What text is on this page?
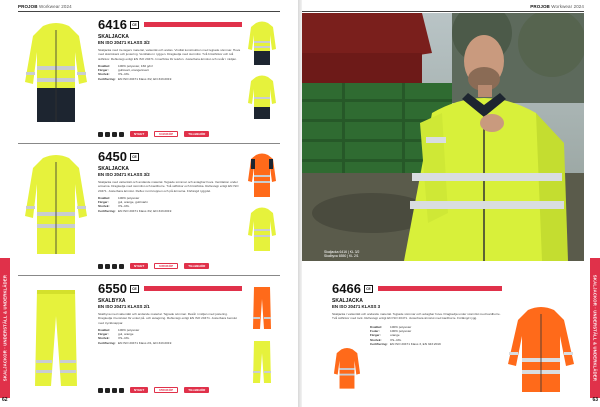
PROJOB Workwear 2024
6416	CE
SKALJACKA
EN ISO 20471 KLASS 3/2
Skaljacka med tre-lagers material, vattentät och andas. Vindtät konstruktion med tejpade sömmar. Huva med skärmkant och justering. Ventilation i ryggen. Dragkedja med stormlist. Två bröstfickor och två sidfickor. Reflextejp enligt EN ISO 20471. Innerficka för telefon. Justerbara ärmslut och resår i midjan.
Kvalitet:	100% polyester, 160 g/m²
Färger:	gul/svart, orange/svart
Storlek:	XS–4XL
Certifiering: EN ISO 20471 Klass 3/2, EN 343:2019
NYHET	6416/KÖP	TILLBEHÖR
6450	CE
SKALJACKA
EN ISO 20471 KLASS 3/2
Skaljacka med vattentätt och andande material. Tejpade sömmar och avtagbar huva. Ventilation under armarna. Dragkedja med stormlist och kardborre. Två sidfickor och bröstficka. Reflextejp enligt EN ISO 20471. Justerbara ärmslut. Reflex runt kroppen och på ärmarna. Förlängd ryggdel.
Kvalitet:	100% polyester
Färger:	gul, orange, gul/marin
Storlek:	XS–4XL
Certifiering: EN ISO 20471 Klass 3/2, EN 343:2019
NYHET	6450/KÖP	TILLBEHÖR
6550	CE
SKALBYXA
EN ISO 20471 KLASS 2/1
Skalbyxa med vattentätt och andande material. Tejpade sömmar. Resår i midjan med justering. Dragkedja i benslutet för enkel på- och avtagning. Reflextejp enligt EN ISO 20471. Justerbara benslut med tryckknappar.
Kvalitet:	100% polyester
Färger:	gul, orange
Storlek:	XS–4XL
Certifiering: EN ISO 20471 Klass 2/1, EN 343:2019
NYHET	6550/KÖP	TILLBEHÖR
SKALJACKOR · UNDERSTÄLL & UNDERKLÄDER
62
PROJOB Workwear 2024
Skaljacka 6416 | KL 3/2
Skalbyxa 6550 | KL 2/1
6466	CE
SKALJACKA
EN ISO 20471 KLASS 3
Skaljacka i vattentätt och andande material. Tejpade sömmar och avtagbar huva. Dragkedja under stormlist med kardborre. Två sidfickor med lock. Reflextejp enligt EN ISO 20471. Justerbara ärmslut med kardborre. Förlängd rygg.
Kvalitet:	100% polyester
Foder:	100% polyester
Färger:	orange
Storlek:	XS–4XL
Certifiering: EN ISO 20471 Klass 3, EN 343:2019	SKALJACKOR · UNDERSTÄLL & UNDERKLÄDER
63
